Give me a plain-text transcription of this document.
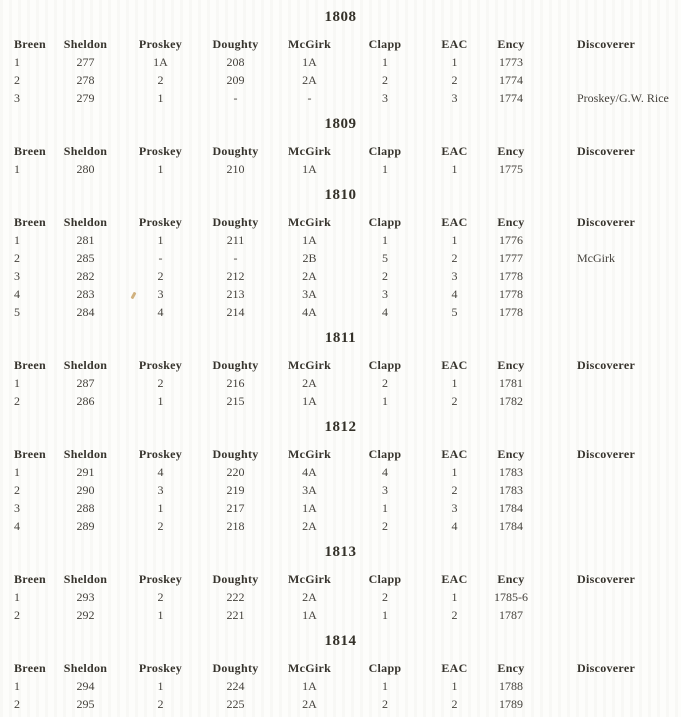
1808
Breen	Sheldon	Proskey	Doughty	McGirk	Clapp	EAC	Ency	Discoverer
1	277	1A	208	1A	1	1	1773	
2	278	2	209	2A	2	2	1774	
3	279	1	-	-	3	3	1774	Proskey/G.W. Rice
1809
Breen	Sheldon	Proskey	Doughty	McGirk	Clapp	EAC	Ency	Discoverer
1	280	1	210	1A	1	1	1775	
1810
Breen	Sheldon	Proskey	Doughty	McGirk	Clapp	EAC	Ency	Discoverer
1	281	1	211	1A	1	1	1776	
2	285	-	-	2B	5	2	1777	McGirk
3	282	2	212	2A	2	3	1778	
4	283	3	213	3A	3	4	1778	
5	284	4	214	4A	4	5	1778	
1811
Breen	Sheldon	Proskey	Doughty	McGirk	Clapp	EAC	Ency	Discoverer
1	287	2	216	2A	2	1	1781	
2	286	1	215	1A	1	2	1782	
1812
Breen	Sheldon	Proskey	Doughty	McGirk	Clapp	EAC	Ency	Discoverer
1	291	4	220	4A	4	1	1783	
2	290	3	219	3A	3	2	1783	
3	288	1	217	1A	1	3	1784	
4	289	2	218	2A	2	4	1784	
1813
Breen	Sheldon	Proskey	Doughty	McGirk	Clapp	EAC	Ency	Discoverer
1	293	2	222	2A	2	1	1785-6	
2	292	1	221	1A	1	2	1787	
1814
Breen	Sheldon	Proskey	Doughty	McGirk	Clapp	EAC	Ency	Discoverer
1	294	1	224	1A	1	1	1788	
2	295	2	225	2A	2	2	1789	
